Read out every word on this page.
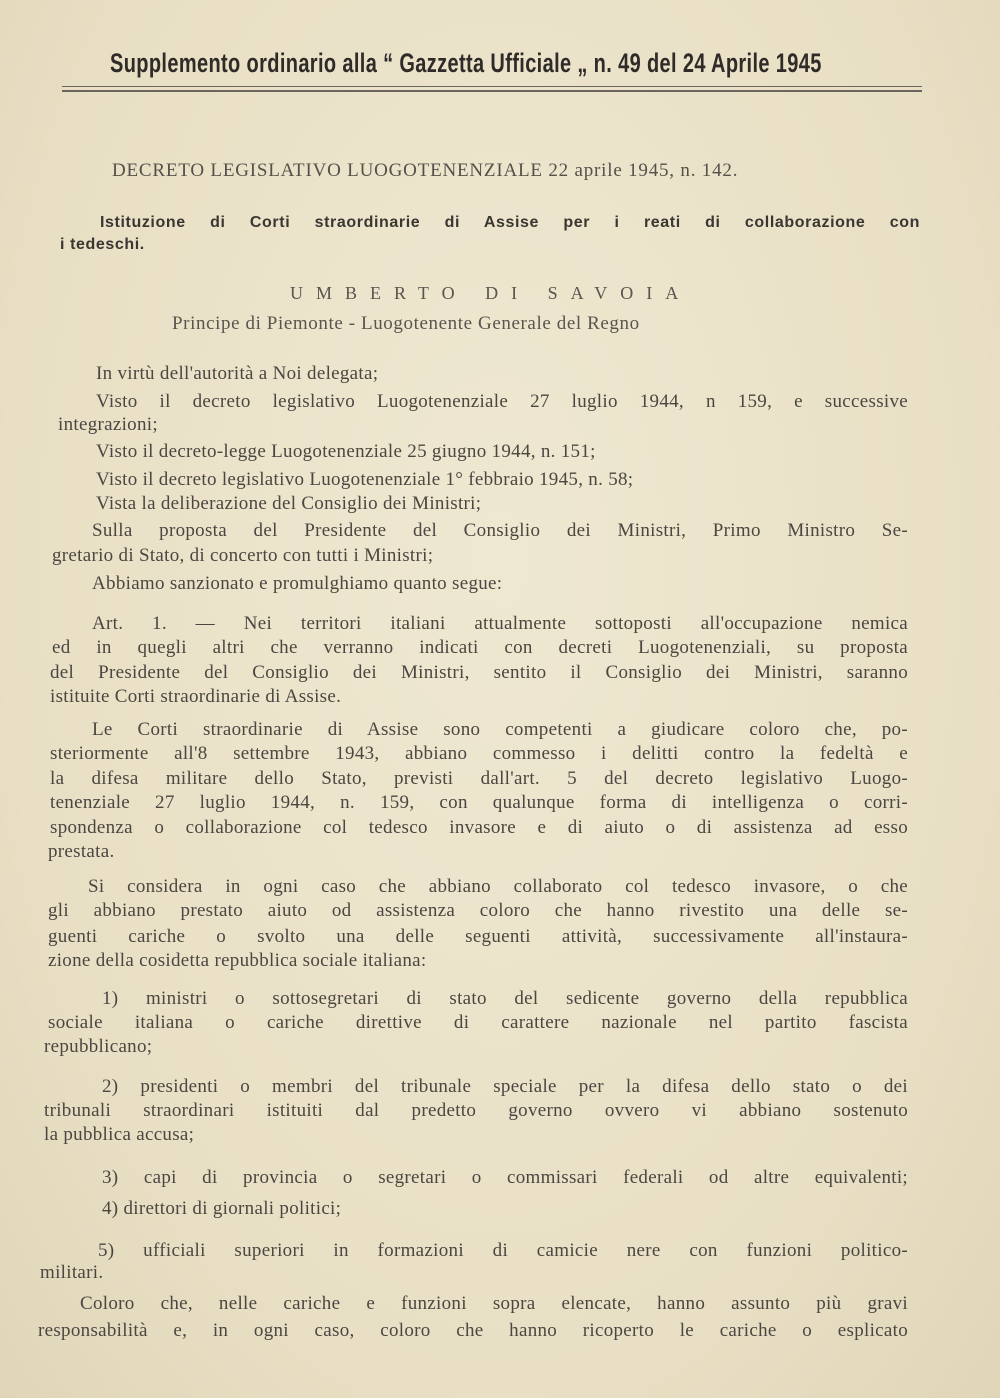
Supplemento ordinario alla “ Gazzetta Ufficiale „ n. 49 del 24 Aprile 1945
DECRETO LEGISLATIVO LUOGOTENENZIALE 22 aprile 1945, n. 142.
Istituzione di Corti straordinarie di Assise per i reati di collaborazione con
i tedeschi.
UMBERTO DI SAVOIA
Principe di Piemonte - Luogotenente Generale del Regno
In virtù dell'autorità a Noi delegata;
Visto il decreto legislativo Luogotenenziale 27 luglio 1944, n 159, e successive
integrazioni;
Visto il decreto-legge Luogotenenziale 25 giugno 1944, n. 151;
Visto il decreto legislativo Luogotenenziale 1° febbraio 1945, n. 58;
Vista la deliberazione del Consiglio dei Ministri;
Sulla proposta del Presidente del Consiglio dei Ministri, Primo Ministro Se-
gretario di Stato, di concerto con tutti i Ministri;
Abbiamo sanzionato e promulghiamo quanto segue:
Art. 1. — Nei territori italiani attualmente sottoposti all'occupazione nemica
ed in quegli altri che verranno indicati con decreti Luogotenenziali, su proposta
del Presidente del Consiglio dei Ministri, sentito il Consiglio dei Ministri, saranno
istituite Corti straordinarie di Assise.
Le Corti straordinarie di Assise sono competenti a giudicare coloro che, po-
steriormente all'8 settembre 1943, abbiano commesso i delitti contro la fedeltà e
la difesa militare dello Stato, previsti dall'art. 5 del decreto legislativo Luogo-
tenenziale 27 luglio 1944, n. 159, con qualunque forma di intelligenza o corri-
spondenza o collaborazione col tedesco invasore e di aiuto o di assistenza ad esso
prestata.
Si considera in ogni caso che abbiano collaborato col tedesco invasore, o che
gli abbiano prestato aiuto od assistenza coloro che hanno rivestito una delle se-
guenti cariche o svolto una delle seguenti attività, successivamente all'instaura-
zione della cosidetta repubblica sociale italiana:
1) ministri o sottosegretari di stato del sedicente governo della repubblica
sociale italiana o cariche direttive di carattere nazionale nel partito fascista
repubblicano;
2) presidenti o membri del tribunale speciale per la difesa dello stato o dei
tribunali straordinari istituiti dal predetto governo ovvero vi abbiano sostenuto
la pubblica accusa;
3) capi di provincia o segretari o commissari federali od altre equivalenti;
4) direttori di giornali politici;
5) ufficiali superiori in formazioni di camicie nere con funzioni politico-
militari.
Coloro che, nelle cariche e funzioni sopra elencate, hanno assunto più gravi
responsabilità e, in ogni caso, coloro che hanno ricoperto le cariche o esplicato
